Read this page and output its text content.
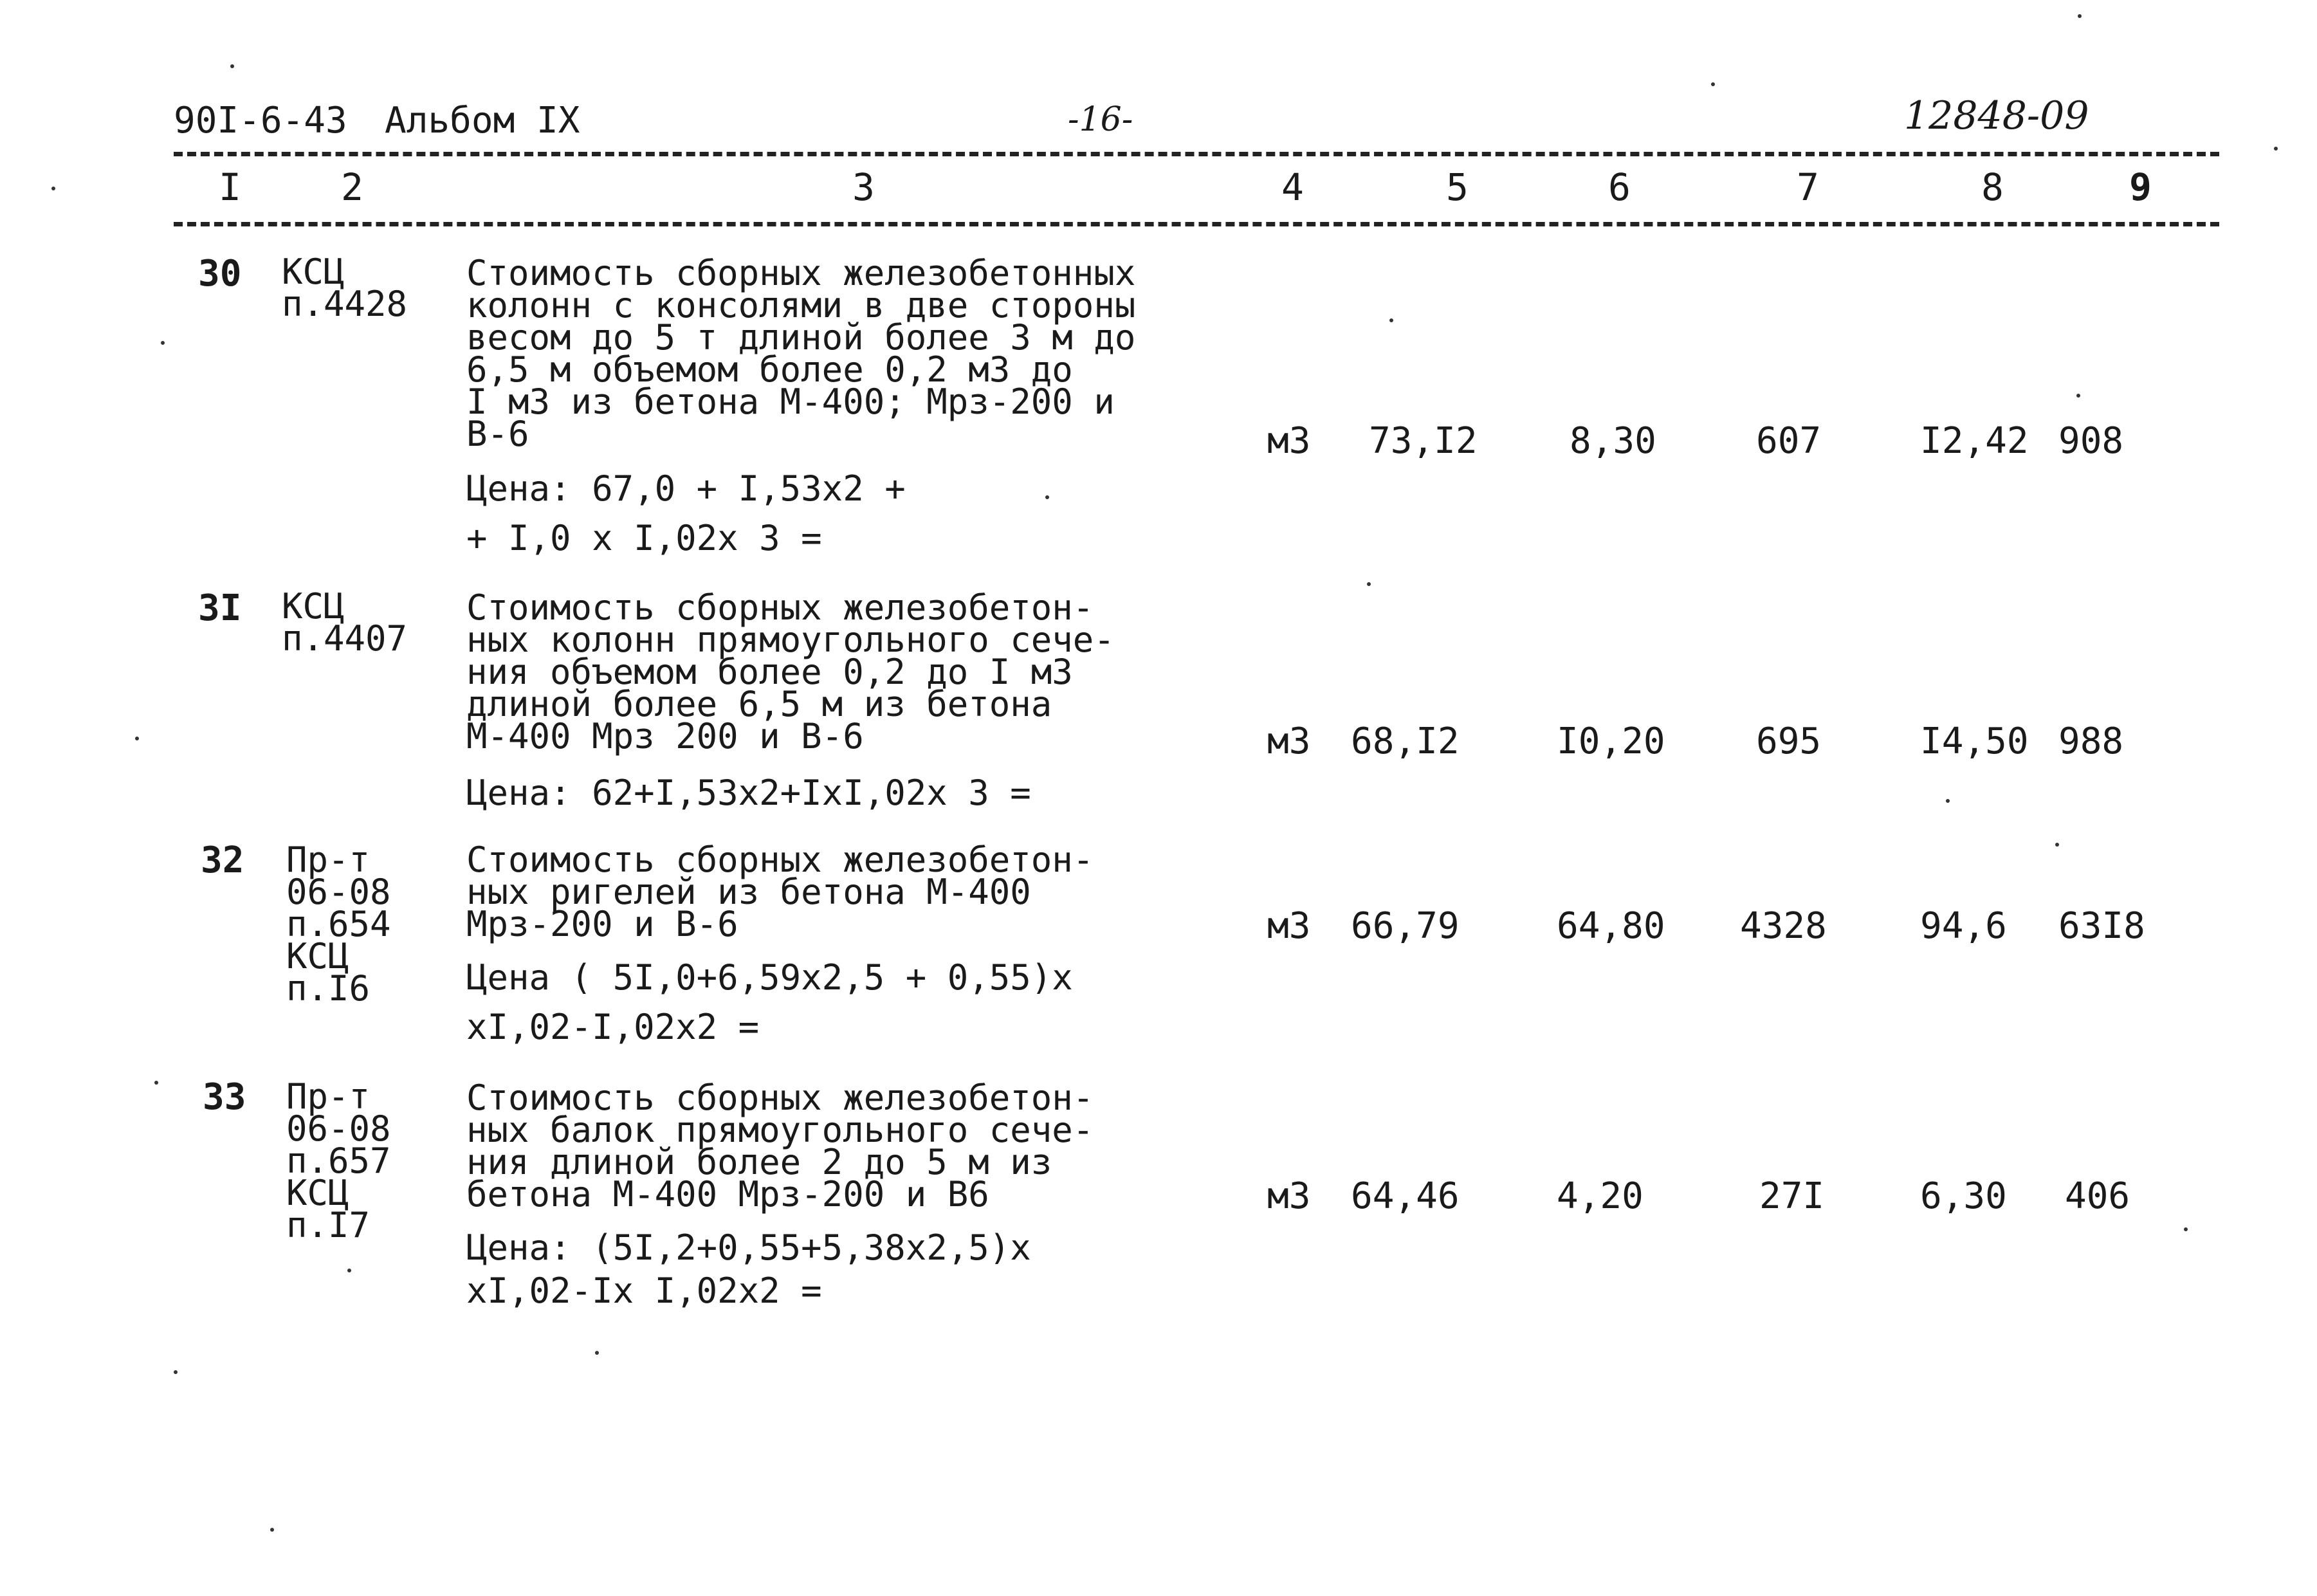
90I-6-43 Альбом IX	-16-	12848-09
I	2	3	4	5	6	7	8	9
30 КСЦ
п.4428
Стоимость сборных железобетонных
колонн с консолями в две стороны
весом до 5 т длиной более 3 м до
6,5 м объемом более 0,2 м3 до
I м3 из бетона М-400; Мрз-200 и
В-6
Цена: 67,0 + I,53х2 +
+ I,0 х I,02х 3 =
м3 73,I2	8,30	607	I2,42 908
3I КСЦ
п.4407
Стоимость сборных железобетон-
ных колонн прямоугольного сече-
ния объемом более 0,2 до I м3
длиной более 6,5 м из бетона
М-400 Мрз 200 и В-6
Цена: 62+I,53х2+IхI,02х 3 =
м3 68,I2	I0,20	695	I4,50 988
32 Пр-т
06-08
п.654
КСЦ
п.I6
Стоимость сборных железобетон-
ных ригелей из бетона М-400
Мрз-200 и В-6
Цена ( 5I,0+6,59х2,5 + 0,55)х
хI,02-I,02х2 =
м3 66,79	64,80 4328	94,6 63I8
33 Пр-т
06-08
п.657
КСЦ
п.I7
Стоимость сборных железобетон-
ных балок прямоугольного сече-
ния длиной более 2 до 5 м из
бетона М-400 Мрз-200 и В6
Цена: (5I,2+0,55+5,38х2,5)х
хI,02-Iх I,02х2 =
м3 64,46	4,20	27I	6,30 406
